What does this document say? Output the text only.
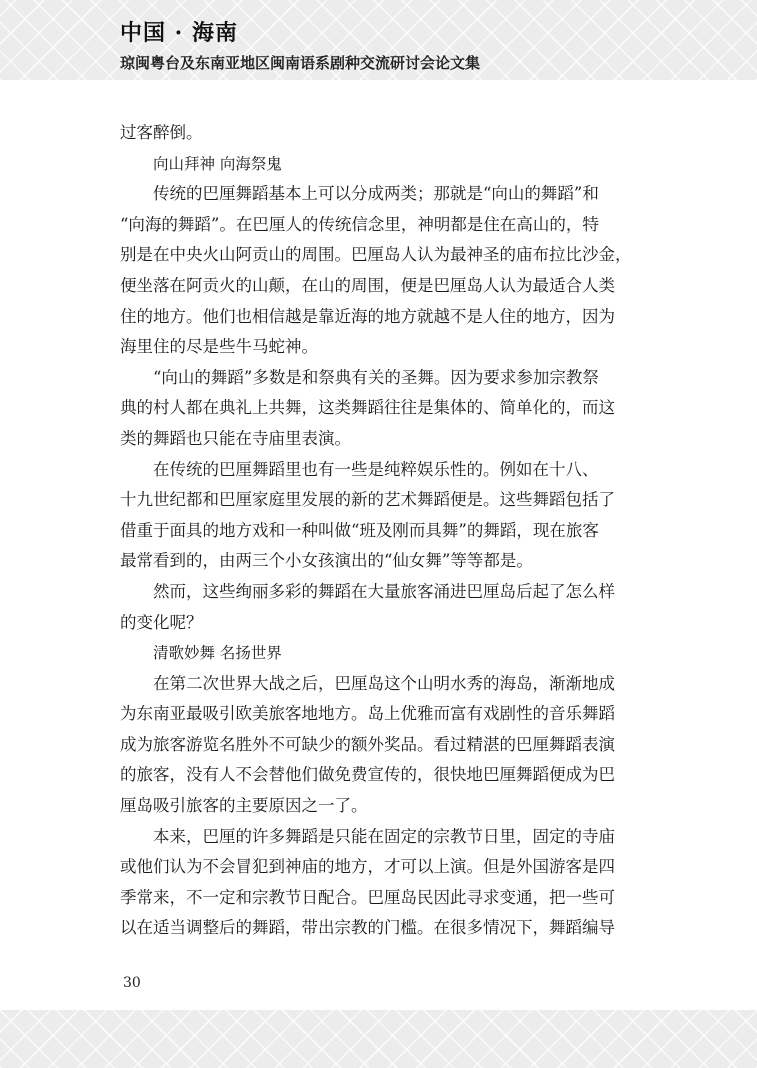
中国 · 海南
琼闽粤台及东南亚地区闽南语系剧种交流研讨会论文集
过客醉倒。
向山拜神 向海祭鬼
传统的巴厘舞蹈基本上可以分成两类；那就是“向山的舞蹈”和
“向海的舞蹈”。在巴厘人的传统信念里，神明都是住在高山的，特
别是在中央火山阿贡山的周围。巴厘岛人认为最神圣的庙布拉比沙金，
便坐落在阿贡火的山颠，在山的周围，便是巴厘岛人认为最适合人类
住的地方。他们也相信越是靠近海的地方就越不是人住的地方，因为
海里住的尽是些牛马蛇神。
“向山的舞蹈”多数是和祭典有关的圣舞。因为要求参加宗教祭
典的村人都在典礼上共舞，这类舞蹈往往是集体的、简单化的，而这
类的舞蹈也只能在寺庙里表演。
在传统的巴厘舞蹈里也有一些是纯粹娱乐性的。例如在十八、
十九世纪都和巴厘家庭里发展的新的艺术舞蹈便是。这些舞蹈包括了
借重于面具的地方戏和一种叫做“班及刚而具舞”的舞蹈，现在旅客
最常看到的，由两三个小女孩演出的“仙女舞”等等都是。
然而，这些绚丽多彩的舞蹈在大量旅客涌进巴厘岛后起了怎么样
的变化呢？
清歌妙舞 名扬世界
在第二次世界大战之后，巴厘岛这个山明水秀的海岛，渐渐地成
为东南亚最吸引欧美旅客地地方。岛上优雅而富有戏剧性的音乐舞蹈
成为旅客游览名胜外不可缺少的额外奖品。看过精湛的巴厘舞蹈表演
的旅客，没有人不会替他们做免费宣传的，很快地巴厘舞蹈便成为巴
厘岛吸引旅客的主要原因之一了。
本来，巴厘的许多舞蹈是只能在固定的宗教节日里，固定的寺庙
或他们认为不会冒犯到神庙的地方，才可以上演。但是外国游客是四
季常来，不一定和宗教节日配合。巴厘岛民因此寻求变通，把一些可
以在适当调整后的舞蹈，带出宗教的门槛。在很多情况下，舞蹈编导
30
